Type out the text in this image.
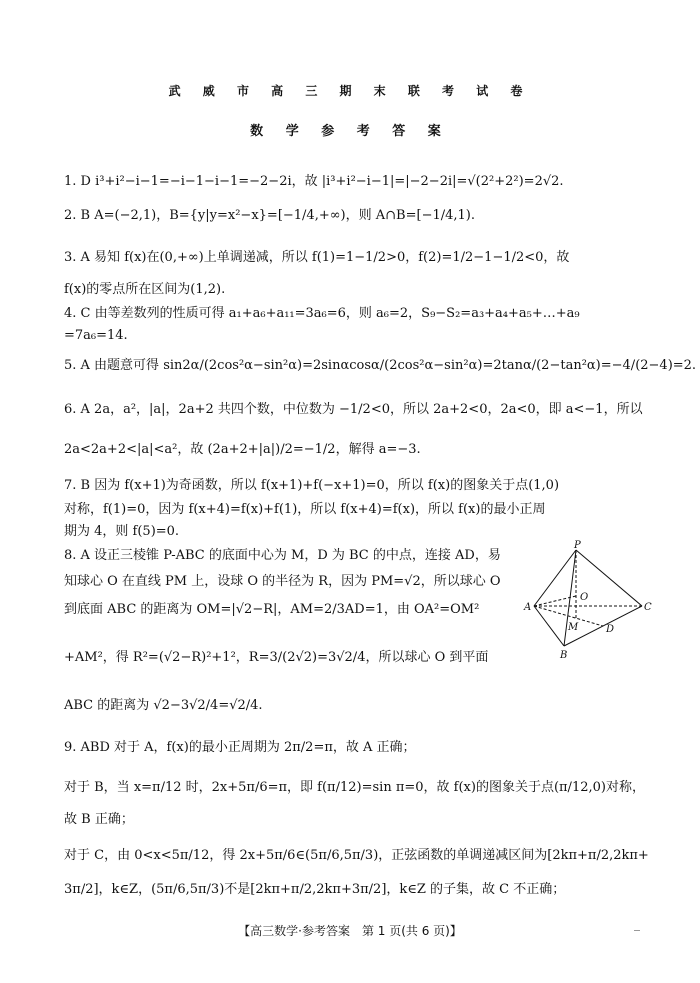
武 威 市 高 三 期 末 联 考 试 卷
数 学 参 考 答 案
1. D i³+i²−i−1=−i−1−i−1=−2−2i，故 |i³+i²−i−1|=|−2−2i|=√(2²+2²)=2√2.
2. B A=(−2,1)，B={y|y=x²−x}=[−1/4,+∞)，则 A∩B=[−1/4,1).
3. A 易知 f(x)在(0,+∞)上单调递减，所以 f(1)=1−1/2>0，f(2)=1/2−1−1/2<0，故
f(x)的零点所在区间为(1,2).
4. C 由等差数列的性质可得 a₁+a₆+a₁₁=3a₆=6，则 a₆=2，S₉−S₂=a₃+a₄+a₅+…+a₉
=7a₆=14.
5. A 由题意可得 sin2α/(2cos²α−sin²α)=2sinαcosα/(2cos²α−sin²α)=2tanα/(2−tan²α)=−4/(2−4)=2.
6. A 2a，a²，|a|，2a+2 共四个数，中位数为 −1/2<0，所以 2a+2<0，2a<0，即 a<−1，所以
2a<2a+2<|a|<a²，故 (2a+2+|a|)/2=−1/2，解得 a=−3.
7. B 因为 f(x+1)为奇函数，所以 f(x+1)+f(−x+1)=0，所以 f(x)的图象关于点(1,0)
对称，f(1)=0，因为 f(x+4)=f(x)+f(1)，所以 f(x+4)=f(x)，所以 f(x)的最小正周
期为 4，则 f(5)=0.
8. A 设正三棱锥 P-ABC 的底面中心为 M，D 为 BC 的中点，连接 AD，易
知球心 O 在直线 PM 上，设球 O 的半径为 R，因为 PM=√2，所以球心 O
到底面 ABC 的距离为 OM=|√2−R|，AM=2/3AD=1，由 OA²=OM²
+AM²，得 R²=(√2−R)²+1²，R=3/(2√2)=3√2/4，所以球心 O 到平面
ABC 的距离为 √2−3√2/4=√2/4.
9. ABD 对于 A，f(x)的最小正周期为 2π/2=π，故 A 正确；
对于 B，当 x=π/12 时，2x+5π/6=π，即 f(π/12)=sin π=0，故 f(x)的图象关于点(π/12,0)对称，
故 B 正确；
对于 C，由 0<x<5π/12，得 2x+5π/6∈(5π/6,5π/3)，正弦函数的单调递减区间为[2kπ+π/2,2kπ+
3π/2]，k∈Z，(5π/6,5π/3)不是[2kπ+π/2,2kπ+3π/2]，k∈Z 的子集，故 C 不正确；
P
O
A	C
M	D
B
【高三数学·参考答案　第 1 页(共 6 页)】
